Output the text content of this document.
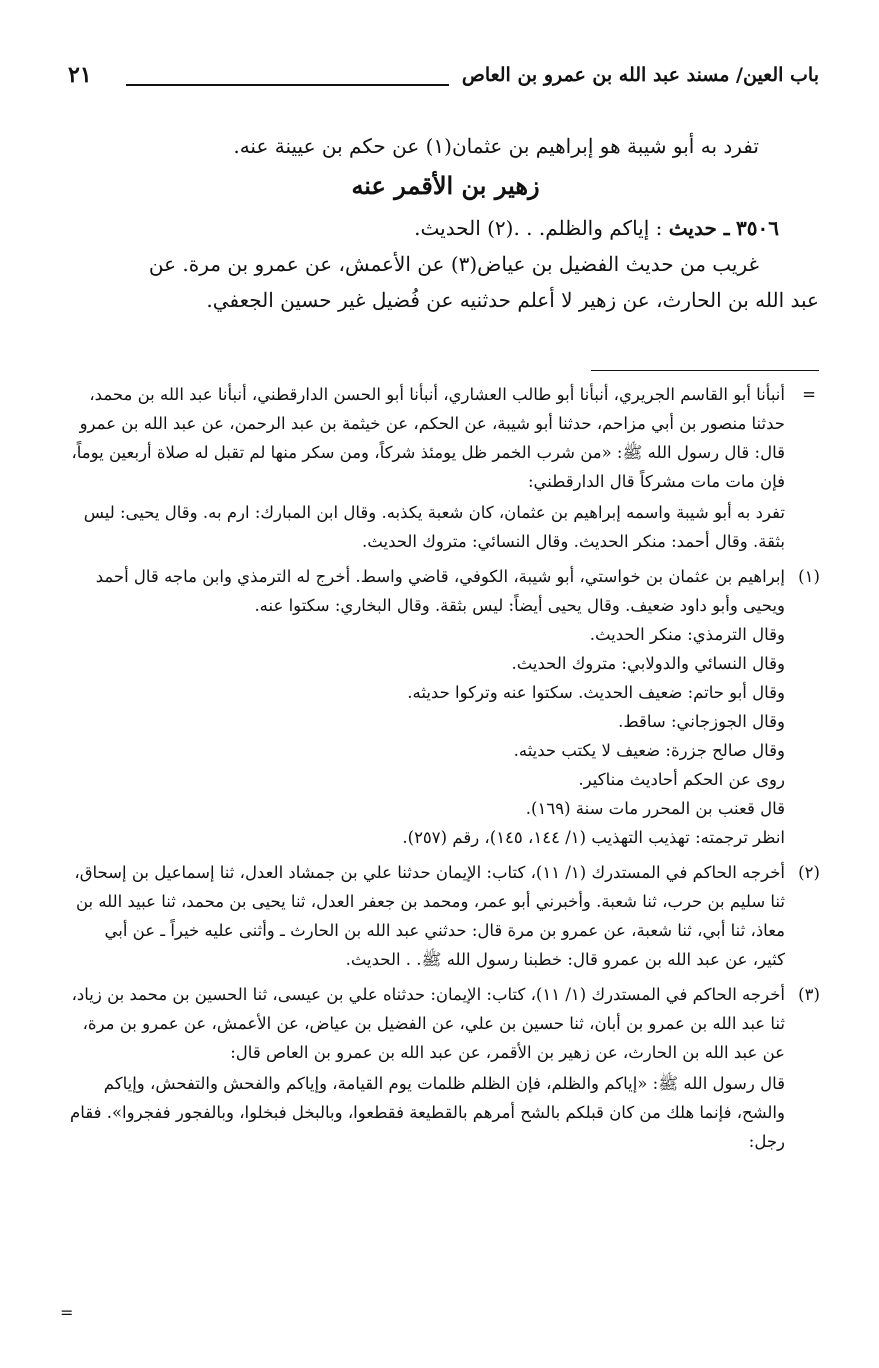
باب العين/ مسند عبد الله بن عمرو بن العاص
٢١

تفرد به أبو شيبة هو إبراهيم بن عثمان(١) عن حكم بن عيينة عنه.

زهير بن الأقمر عنه

٣٥٠٦ ـ حديث : إياكم والظلم. . .(٢) الحديث.

غريب من حديث الفضيل بن عياض(٣) عن الأعمش، عن عمرو بن مرة. عن

عبد الله بن الحارث، عن زهير لا أعلم حدثنيه عن فُضيل غير حسين الجعفي.

=

أنبأنا أبو القاسم الجريري، أنبأنا أبو طالب العشاري، أنبأنا أبو الحسن الدارقطني، أنبأنا عبد الله بن محمد، حدثنا منصور بن أبي مزاحم، حدثنا أبو شيبة، عن الحكم، عن خيثمة بن عبد الرحمن، عن عبد الله بن عمرو قال: قال رسول الله ﷺ: «من شرب الخمر ظل يومئذ شركاً، ومن سكر منها لم تقبل له صلاة أربعين يوماً، فإن مات مات مشركاً قال الدارقطني:

تفرد به أبو شيبة واسمه إبراهيم بن عثمان، كان شعبة يكذبه. وقال ابن المبارك: ارم به. وقال يحيى: ليس بثقة. وقال أحمد: منكر الحديث. وقال النسائي: متروك الحديث.

(١)

إبراهيم بن عثمان بن خواستي، أبو شيبة، الكوفي، قاضي واسط. أخرج له الترمذي وابن ماجه قال أحمد ويحيى وأبو داود ضعيف. وقال يحيى أيضاً: ليس بثقة. وقال البخاري: سكتوا عنه.

وقال الترمذي: منكر الحديث.

وقال النسائي والدولابي: متروك الحديث.

وقال أبو حاتم: ضعيف الحديث. سكتوا عنه وتركوا حديثه.

وقال الجوزجاني: ساقط.

وقال صالح جزرة: ضعيف لا يكتب حديثه.

روى عن الحكم أحاديث مناكير.

قال قعنب بن المحرر مات سنة (١٦٩).

انظر ترجمته: تهذيب التهذيب (١/ ١٤٤، ١٤٥)، رقم (٢٥٧).

(٢)

أخرجه الحاكم في المستدرك (١/ ١١)، كتاب: الإيمان حدثنا علي بن جمشاد العدل، ثنا إسماعيل بن إسحاق، ثنا سليم بن حرب، ثنا شعبة. وأخبرني أبو عمر، ومحمد بن جعفر العدل، ثنا يحيى بن محمد، ثنا عبيد الله بن معاذ، ثنا أبي، ثنا شعبة، عن عمرو بن مرة قال: حدثني عبد الله بن الحارث ـ وأثنى عليه خيراً ـ عن أبي كثير، عن عبد الله بن عمرو قال: خطبنا رسول الله ﷺ. . الحديث.

(٣)

أخرجه الحاكم في المستدرك (١/ ١١)، كتاب: الإيمان: حدثناه علي بن عيسى، ثنا الحسين بن محمد بن زياد، ثنا عبد الله بن عمرو بن أبان، ثنا حسين بن علي، عن الفضيل بن عياض، عن الأعمش، عن عمرو بن مرة، عن عبد الله بن الحارث، عن زهير بن الأقمر، عن عبد الله بن عمرو بن العاص قال:

قال رسول الله ﷺ: «إياكم والظلم، فإن الظلم ظلمات يوم القيامة، وإياكم والفحش والتفحش، وإياكم والشح، فإنما هلك من كان قبلكم بالشح أمرهم بالقطيعة فقطعوا، وبالبخل فبخلوا، وبالفجور ففجروا». فقام رجل:

=
